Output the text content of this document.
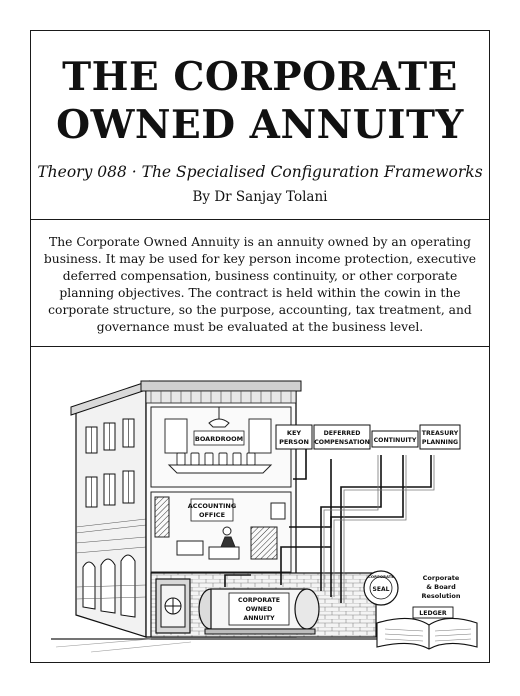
THE CORPORATE
OWNED ANNUITY
Theory 088 · The Specialised Configuration Frameworks
By Dr Sanjay Tolani
The Corporate Owned Annuity is an annuity owned by an operating business. It may be used for key person income protection, executive deferred compensation, business continuity, or other corporate planning objectives. The contract is held within the cowin in the corporate structure, so the purpose, accounting, tax treatment, and governance must be evaluated at the business level.
BOARDROOM
ACCOUNTING
OFFICE
CORPORATE
OWNED
ANNUITY
KEY
PERSON
DEFERRED
COMPENSATION CONTINUITY
TREASURY
PLANNING
CORPORATE
SEAL
Corporate
& Board
Resolution
LEDGER
